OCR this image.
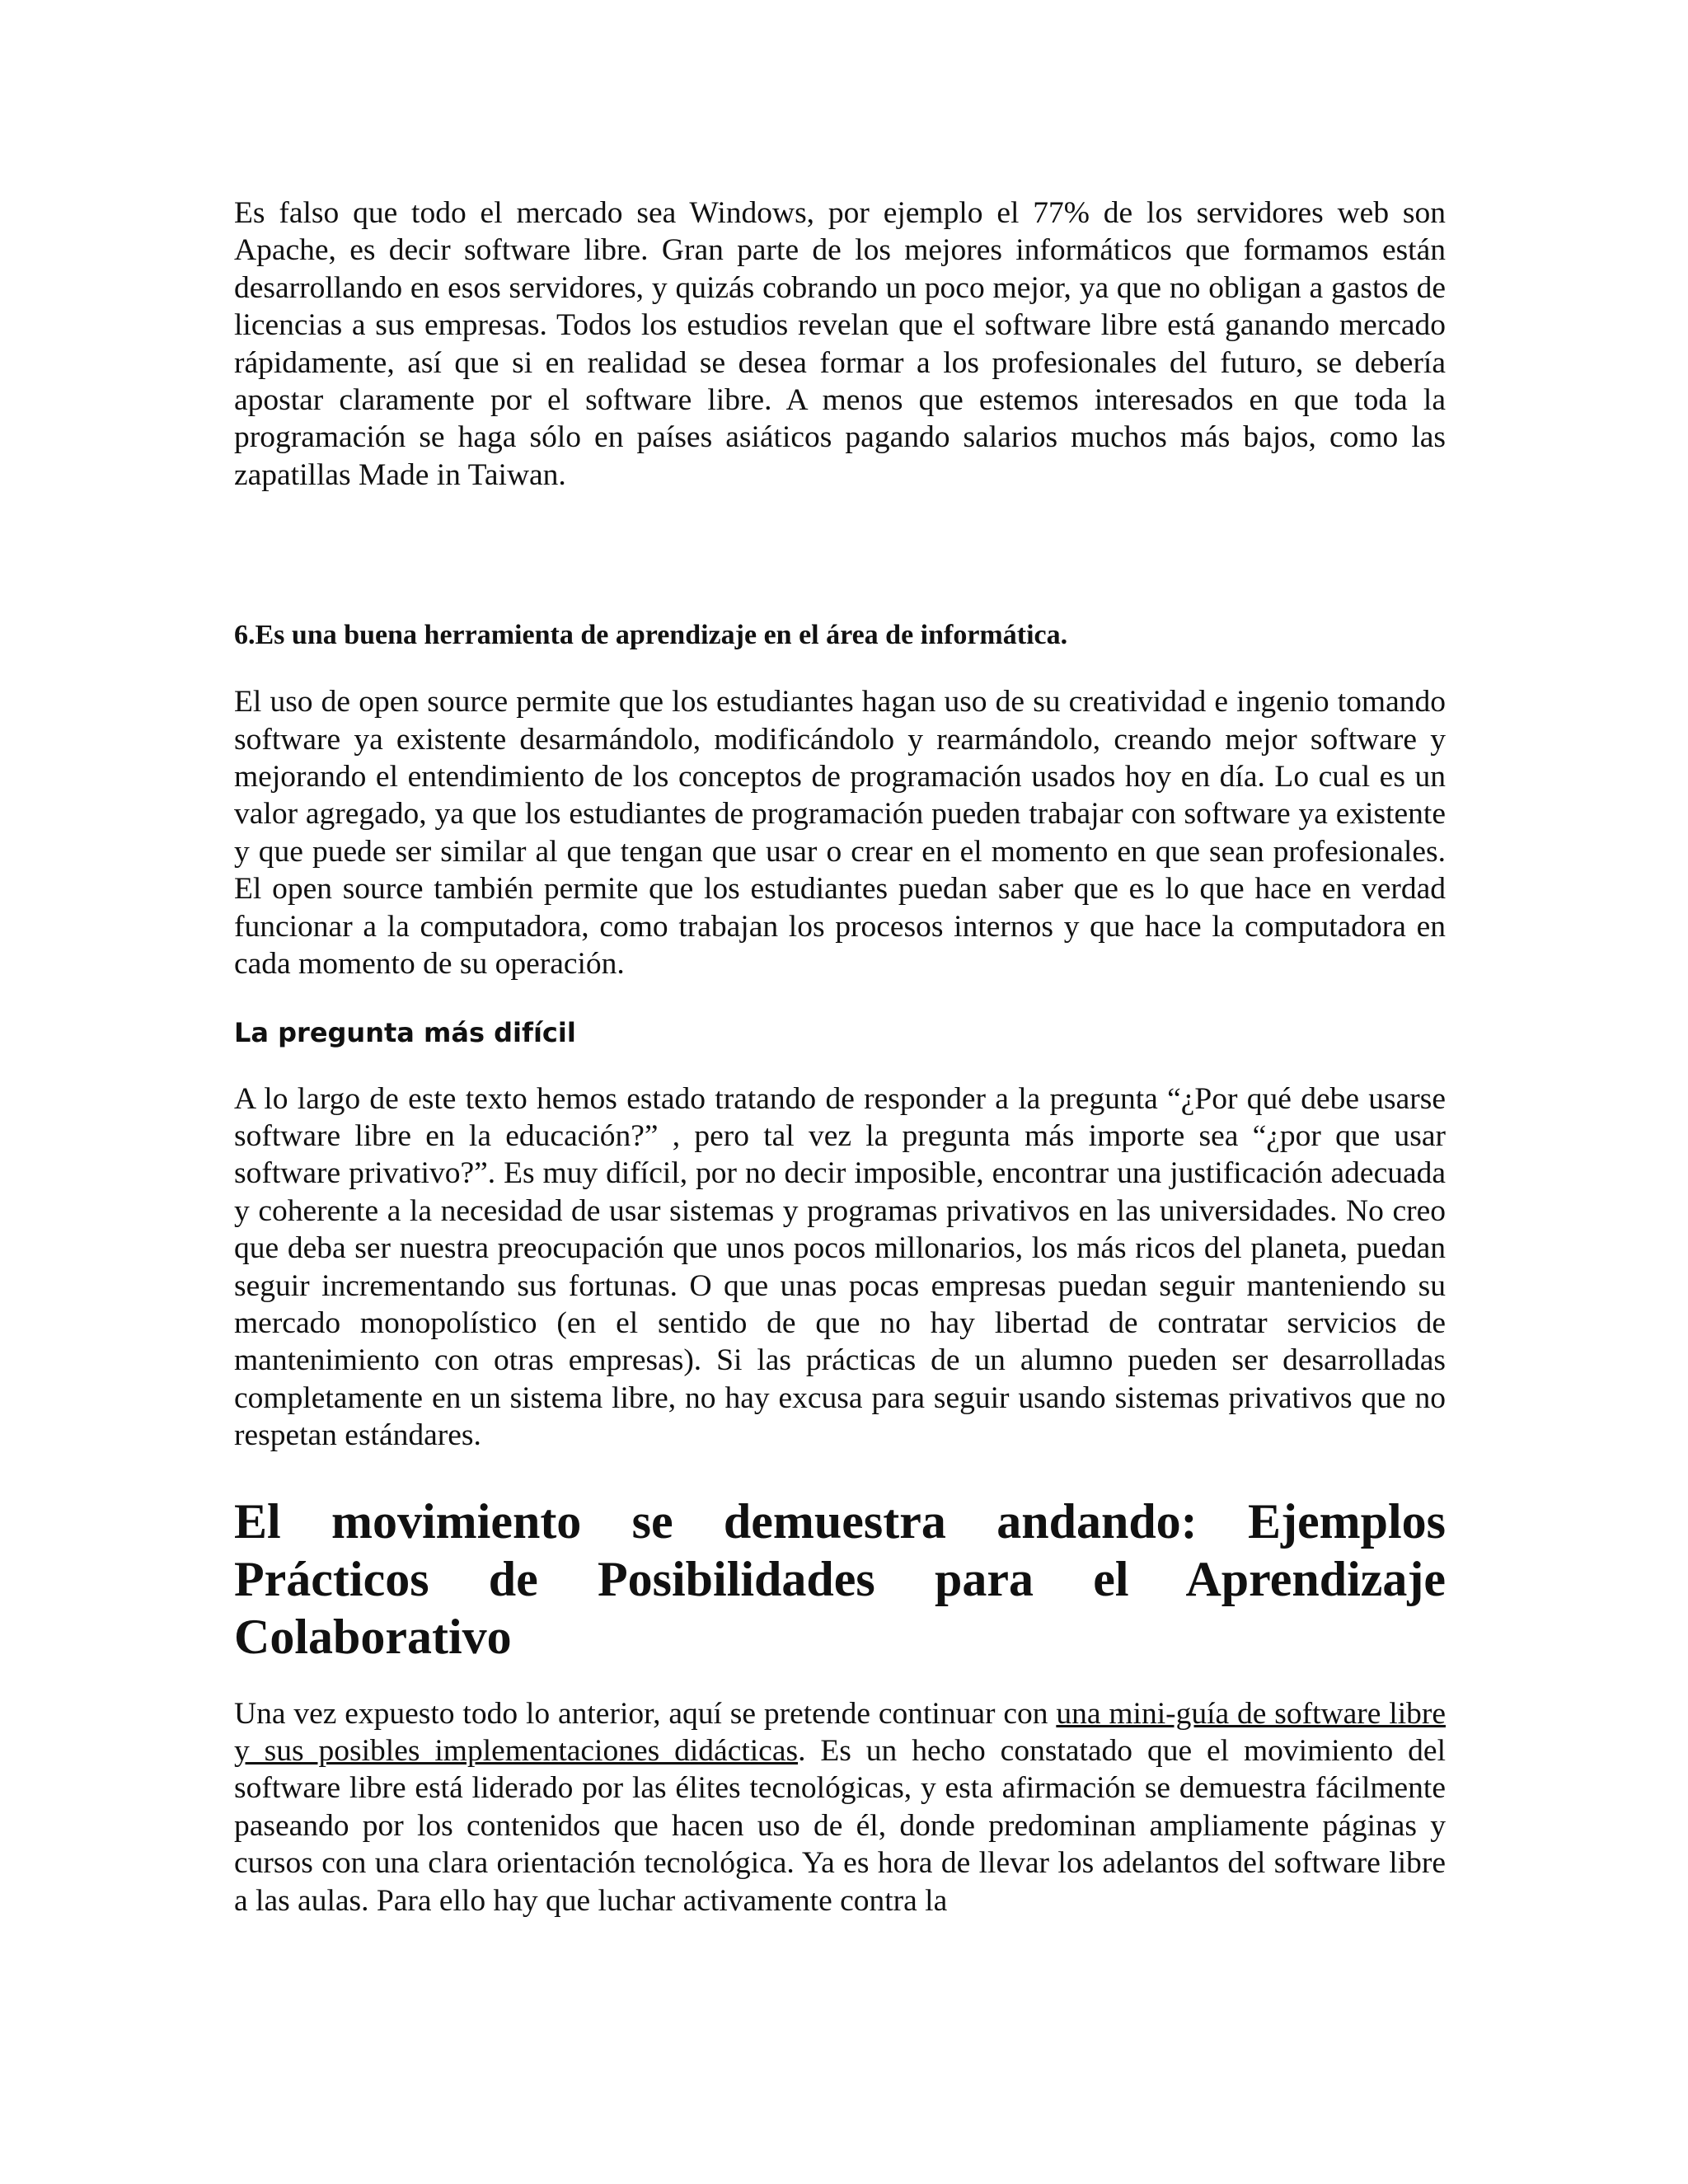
Es falso que todo el mercado sea Windows, por ejemplo el 77% de los servidores web son Apache, es decir software libre. Gran parte de los mejores informáticos que formamos están desarrollando en esos servidores, y quizás cobrando un poco mejor, ya que no obligan a gastos de licencias a sus empresas. Todos los estudios revelan que el software libre está ganando mercado rápidamente, así que si en realidad se desea formar a los profesionales del futuro, se debería apostar claramente por el software libre. A menos que estemos interesados en que toda la programación se haga sólo en países asiáticos pagando salarios muchos más bajos, como las zapatillas Made in Taiwan.

6.Es una buena herramienta de aprendizaje en el área de informática.

El uso de open source permite que los estudiantes hagan uso de su creatividad e ingenio tomando software ya existente desarmándolo, modificándolo y rearmándolo, creando mejor software y mejorando el entendimiento de los conceptos de programación usados hoy en día. Lo cual es un valor agregado, ya que los estudiantes de programación pueden trabajar con software ya existente y que puede ser similar al que tengan que usar o crear en el momento en que sean profesionales. El open source también permite que los estudiantes puedan saber que es lo que hace en verdad funcionar a la computadora, como trabajan los procesos internos y que hace la computadora en cada momento de su operación.

La pregunta más difícil

A lo largo de este texto hemos estado tratando de responder a la pregunta “¿Por qué debe usarse software libre en la educación?” , pero tal vez la pregunta más importe sea “¿por que usar software privativo?”. Es muy difícil, por no decir imposible, encontrar una justificación adecuada y coherente a la necesidad de usar sistemas y programas privativos en las universidades. No creo que deba ser nuestra preocupación que unos pocos millonarios, los más ricos del planeta, puedan seguir incrementando sus fortunas. O que unas pocas empresas puedan seguir manteniendo su mercado monopolístico (en el sentido de que no hay libertad de contratar servicios de mantenimiento con otras empresas). Si las prácticas de un alumno pueden ser desarrolladas completamente en un sistema libre, no hay excusa para seguir usando sistemas privativos que no respetan estándares.

El movimiento se demuestra andando: Ejemplos Prácticos de Posibilidades para el Aprendizaje Colaborativo

Una vez expuesto todo lo anterior, aquí se pretende continuar con una mini-guía de software libre y sus posibles implementaciones didácticas. Es un hecho constatado que el movimiento del software libre está liderado por las élites tecnológicas, y esta afirmación se demuestra fácilmente paseando por los contenidos que hacen uso de él, donde predominan ampliamente páginas y cursos con una clara orientación tecnológica. Ya es hora de llevar los adelantos del software libre a las aulas. Para ello hay que luchar activamente contra la
